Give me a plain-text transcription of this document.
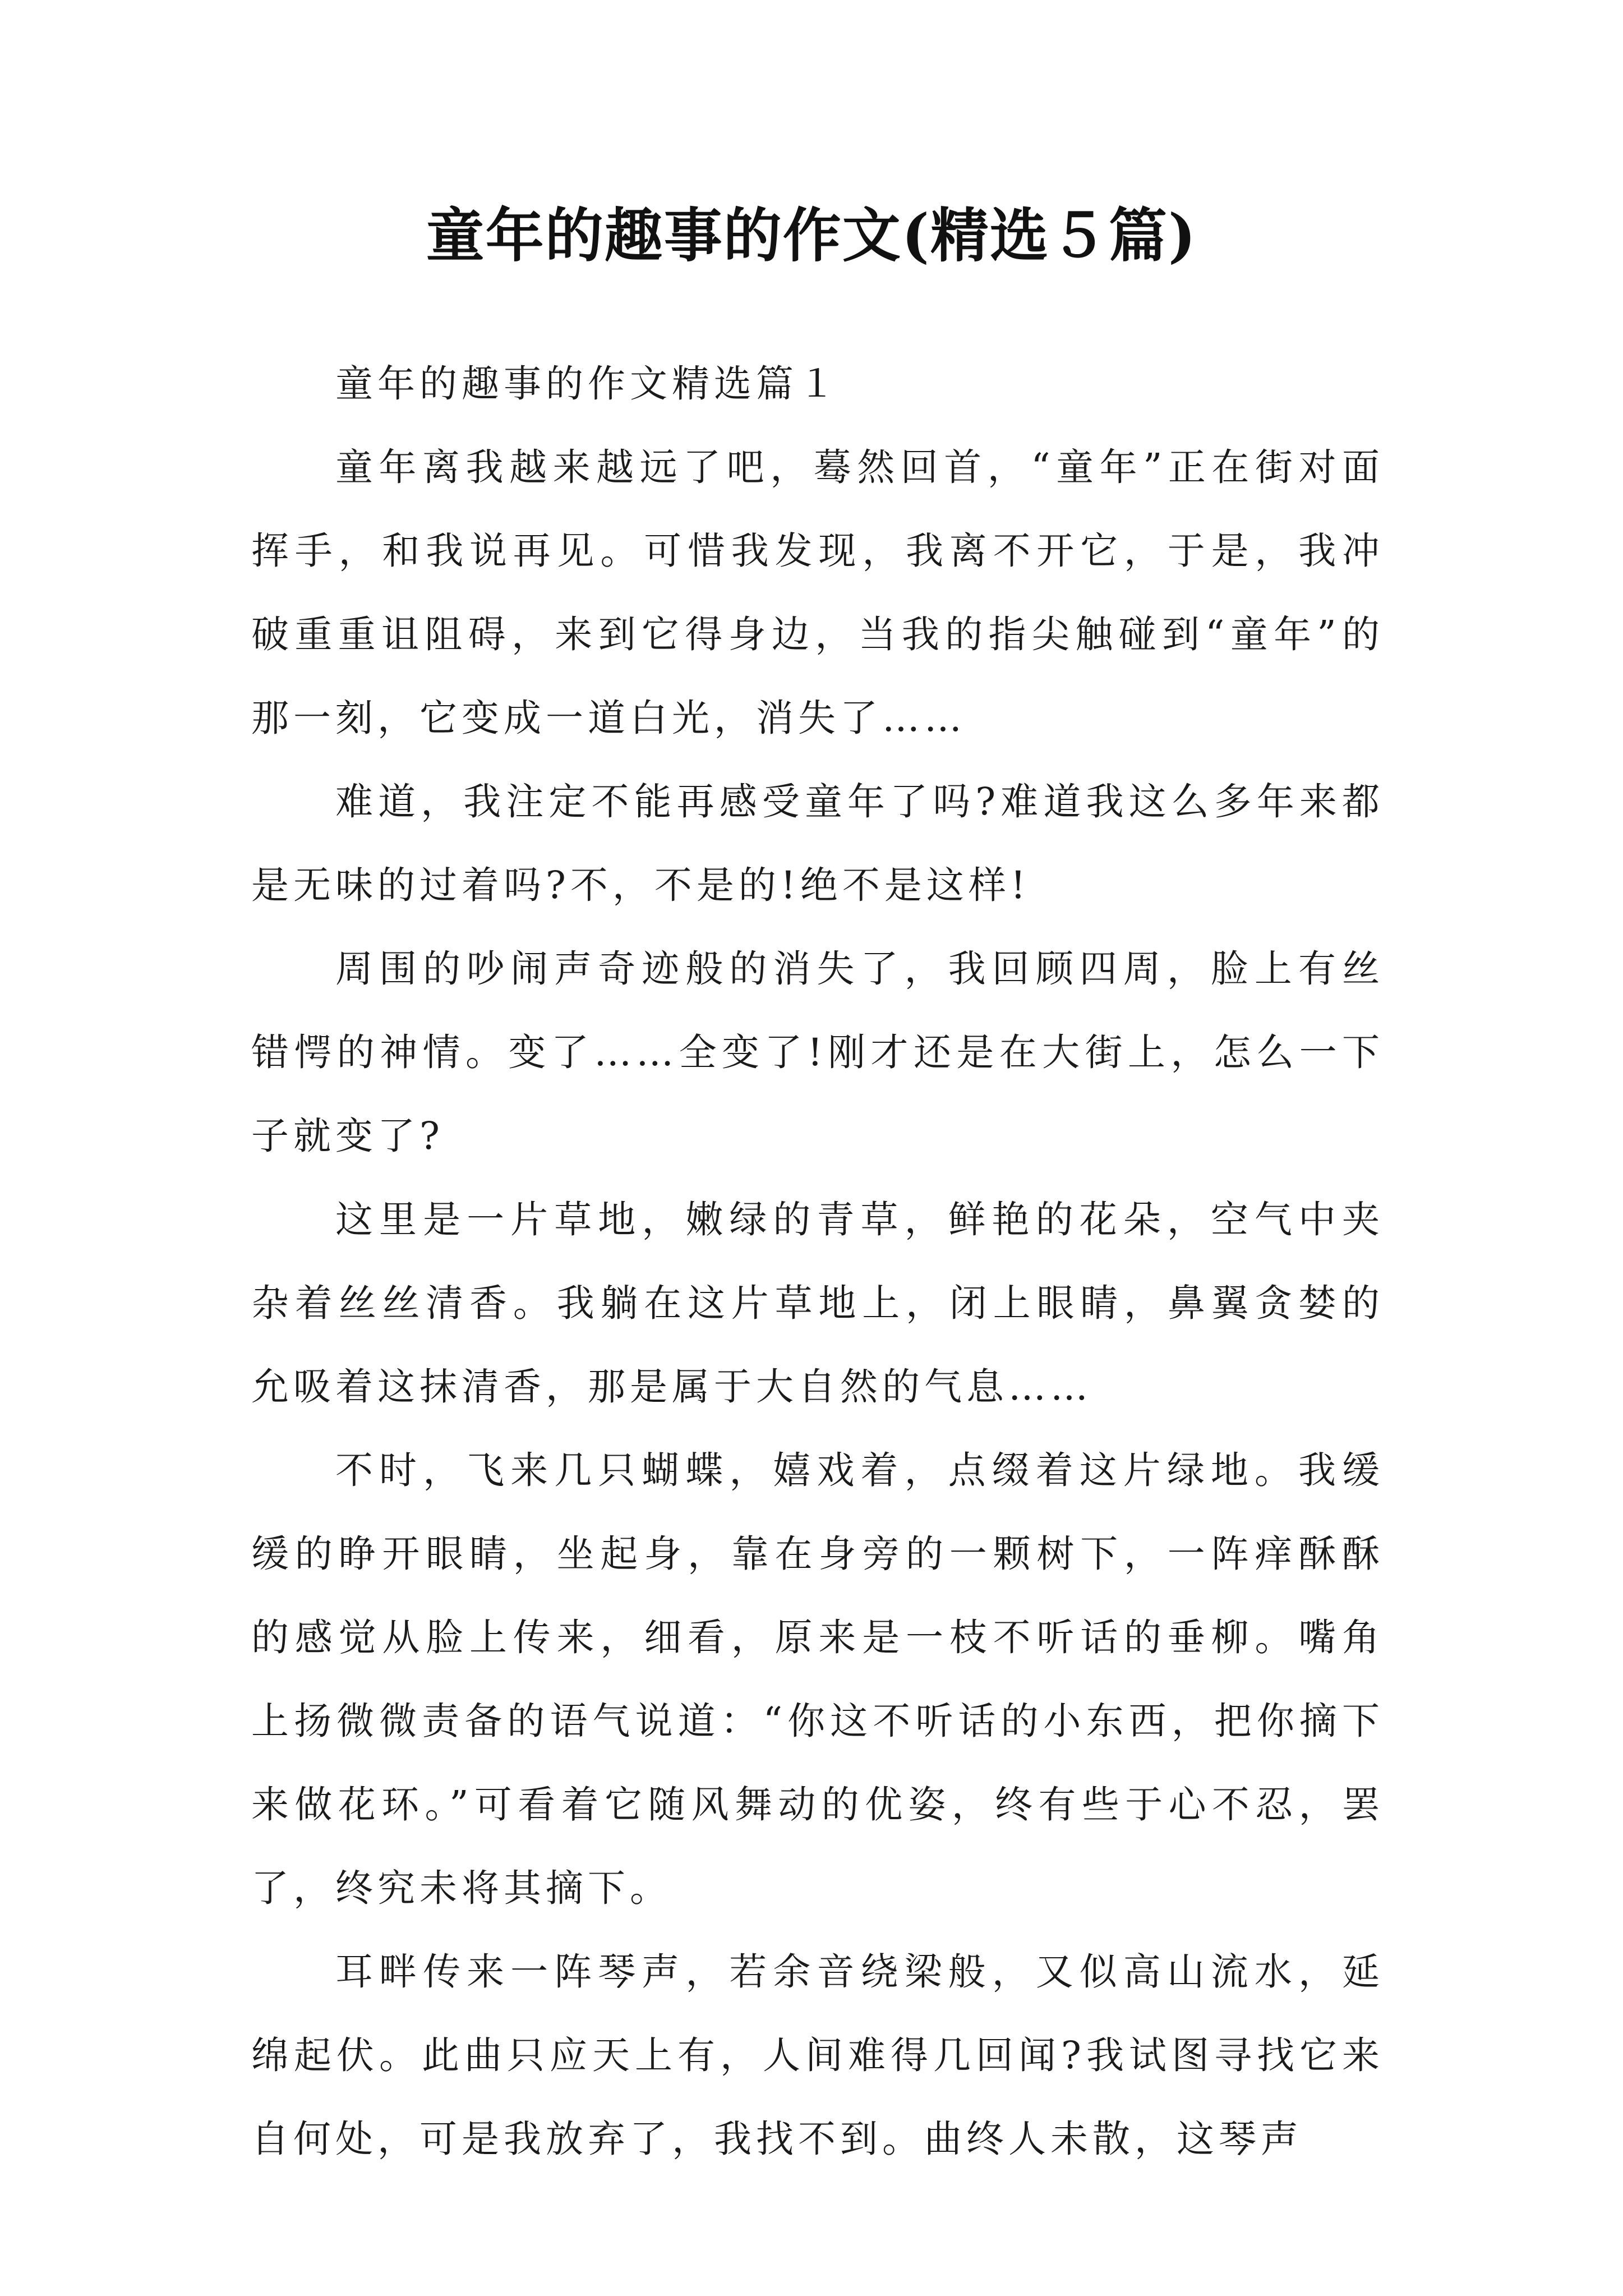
童年的趣事的作文(精选５篇)

童年的趣事的作文精选篇１

童年离我越来越远了吧，蓦然回首，“童年”正在街对面挥手，和我说再见。可惜我发现，我离不开它，于是，我冲破重重诅阻碍，来到它得身边，当我的指尖触碰到“童年”的那一刻，它变成一道白光，消失了……

难道，我注定不能再感受童年了吗?难道我这么多年来都是无味的过着吗?不，不是的!绝不是这样!

周围的吵闹声奇迹般的消失了，我回顾四周，脸上有丝错愕的神情。变了……全变了!刚才还是在大街上，怎么一下子就变了?

这里是一片草地，嫩绿的青草，鲜艳的花朵，空气中夹杂着丝丝清香。我躺在这片草地上，闭上眼睛，鼻翼贪婪的允吸着这抹清香，那是属于大自然的气息……

不时，飞来几只蝴蝶，嬉戏着，点缀着这片绿地。我缓缓的睁开眼睛，坐起身，靠在身旁的一颗树下，一阵痒酥酥的感觉从脸上传来，细看，原来是一枝不听话的垂柳。嘴角上扬微微责备的语气说道：“你这不听话的小东西，把你摘下来做花环。”可看着它随风舞动的优姿，终有些于心不忍，罢了，终究未将其摘下。

耳畔传来一阵琴声，若余音绕梁般，又似高山流水，延绵起伏。此曲只应天上有，人间难得几回闻?我试图寻找它来自何处，可是我放弃了，我找不到。曲终人未散，这琴声
